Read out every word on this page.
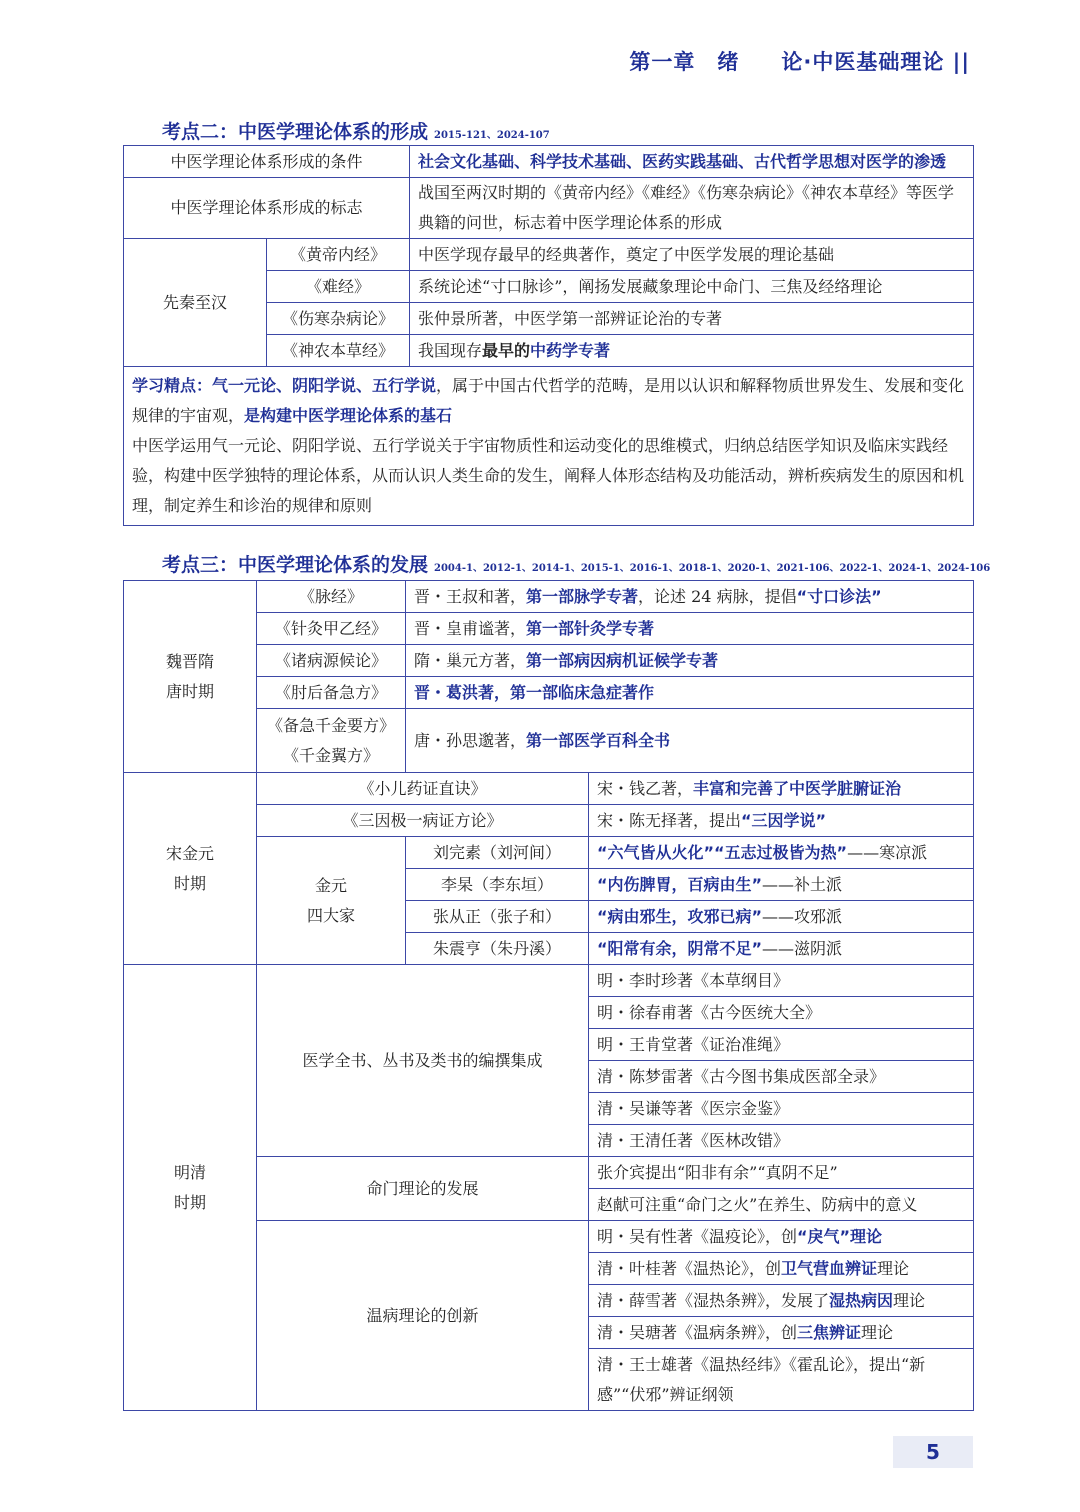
第一章　绪 论·中医基础理论 ||
考点二：中医学理论体系的形成 2015-121、2024-107
中医学理论体系形成的条件		社会文化基础、科学技术基础、医药实践基础、古代哲学思想对医学的渗透
中医学理论体系形成的标志		战国至两汉时期的《黄帝内经》《难经》《伤寒杂病论》《神农本草经》等医学典籍的问世，标志着中医学理论体系的形成
先秦至汉	《黄帝内经》	中医学现存最早的经典著作，奠定了中医学发展的理论基础
	《难经》	系统论述“寸口脉诊”，阐扬发展藏象理论中命门、三焦及经络理论
	《伤寒杂病论》	张仲景所著，中医学第一部辨证论治的专著
	《神农本草经》	我国现存最早的中药学专著

学习精点：气一元论、阴阳学说、五行学说，属于中国古代哲学的范畴，是用以认识和解释物质世界发生、发展和变化规律的宇宙观，是构建中医学理论体系的基石

中医学运用气一元论、阴阳学说、五行学说关于宇宙物质性和运动变化的思维模式，归纳总结医学知识及临床实践经验，构建中医学独特的理论体系，从而认识人类生命的发生，阐释人体形态结构及功能活动，辨析疾病发生的原因和机理，制定养生和诊治的规律和原则		

考点三：中医学理论体系的发展 2004-1、2012-1、2014-1、2015-1、2016-1、2018-1、2020-1、2021-106、2022-1、2024-1、2024-106
魏晋隋
唐时期	《脉经》	晋・王叔和著，第一部脉学专著，论述 24 病脉，提倡“寸口诊法”	
	《针灸甲乙经》	晋・皇甫谧著，第一部针灸学专著	
	《诸病源候论》	隋・巢元方著，第一部病因病机证候学专著	
	《肘后备急方》	晋・葛洪著，第一部临床急症著作	
	《备急千金要方》
《千金翼方》	唐・孙思邈著，第一部医学百科全书	
宋金元
时期	《小儿药证直诀》		宋・钱乙著，丰富和完善了中医学脏腑证治
	《三因极一病证方论》		宋・陈无择著，提出“三因学说”
	金元
四大家	刘完素（刘河间）	“六气皆从火化”“五志过极皆为热”——寒凉派
		李杲（李东垣）	“内伤脾胃，百病由生”——补土派
		张从正（张子和）	“病由邪生，攻邪已病”——攻邪派
		朱震亨（朱丹溪）	“阳常有余，阴常不足”——滋阴派
明清
时期	医学全书、丛书及类书的编撰集成		明・李时珍著《本草纲目》
			明・徐春甫著《古今医统大全》
			明・王肯堂著《证治准绳》
			清・陈梦雷著《古今图书集成医部全录》
			清・吴谦等著《医宗金鉴》
			清・王清任著《医林改错》
	命门理论的发展		张介宾提出“阳非有余”“真阴不足”
			赵献可注重“命门之火”在养生、防病中的意义
	温病理论的创新		明・吴有性著《温疫论》，创“戾气”理论
			清・叶桂著《温热论》，创卫气营血辨证理论
			清・薛雪著《湿热条辨》，发展了湿热病因理论
			清・吴瑭著《温病条辨》，创三焦辨证理论
			清・王士雄著《温热经纬》《霍乱论》，提出“新感”“伏邪”辨证纲领
5
